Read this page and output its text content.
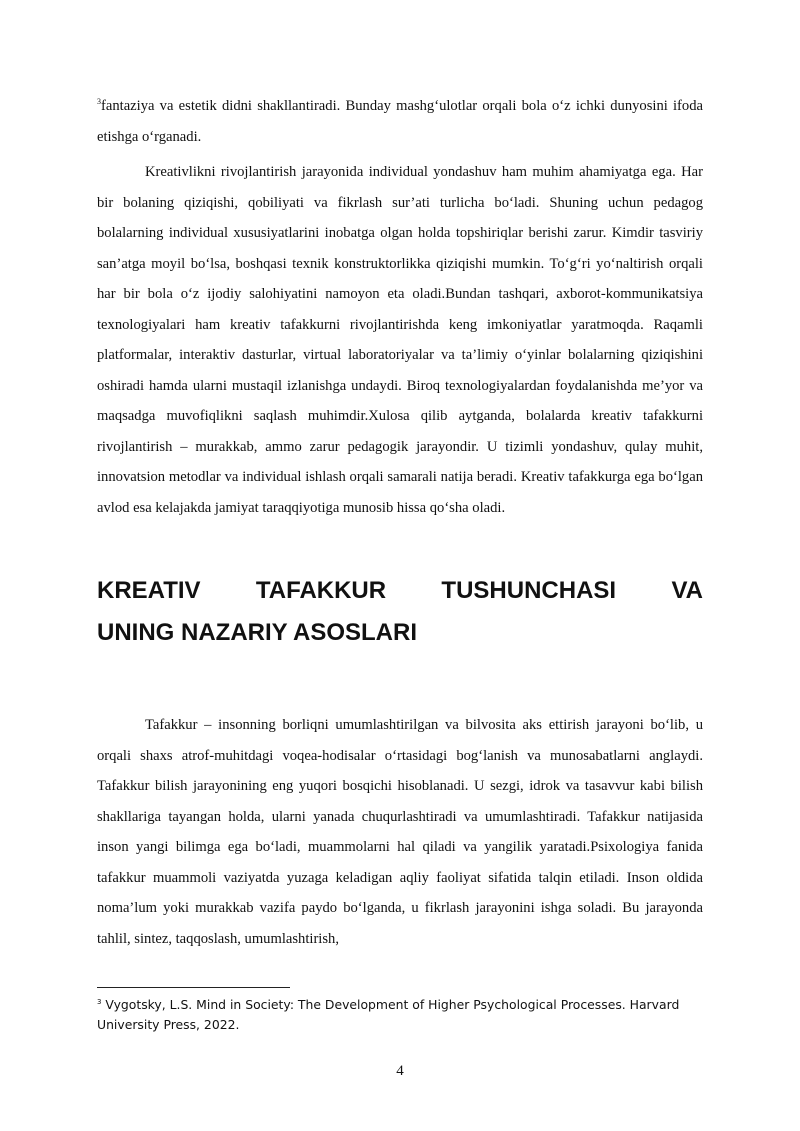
$^3$fantaziya va estetik didni shakllantiradi. Bunday mashg‘ulotlar orqali bola o‘z ichki dunyosini ifoda etishga o‘rganadi.

Kreativlikni rivojlantirish jarayonida individual yondashuv ham muhim ahamiyatga ega. Har bir bolaning qiziqishi, qobiliyati va fikrlash sur’ati turlicha bo‘ladi. Shuning uchun pedagog bolalarning individual xususiyatlarini inobatga olgan holda topshiriqlar berishi zarur. Kimdir tasviriy san’atga moyil bo‘lsa, boshqasi texnik konstruktorlikka qiziqishi mumkin. To‘g‘ri yo‘naltirish orqali har bir bola o‘z ijodiy salohiyatini namoyon eta oladi.Bundan tashqari, axborot-kommunikatsiya texnologiyalari ham kreativ tafakkurni rivojlantirishda keng imkoniyatlar yaratmoqda. Raqamli platformalar, interaktiv dasturlar, virtual laboratoriyalar va ta’limiy o‘yinlar bolalarning qiziqishini oshiradi hamda ularni mustaqil izlanishga undaydi. Biroq texnologiyalardan foydalanishda me’yor va maqsadga muvofiqlikni saqlash muhimdir.Xulosa qilib aytganda, bolalarda kreativ tafakkurni rivojlantirish – murakkab, ammo zarur pedagogik jarayondir. U tizimli yondashuv, qulay muhit, innovatsion metodlar va individual ishlash orqali samarali natija beradi. Kreativ tafakkurga ega bo‘lgan avlod esa kelajakda jamiyat taraqqiyotiga munosib hissa qo‘sha oladi.

KREATIV TAFAKKUR TUSHUNCHASI VA
UNING NAZARIY ASOSLARI

Tafakkur – insonning borliqni umumlashtirilgan va bilvosita aks ettirish jarayoni bo‘lib, u orqali shaxs atrof-muhitdagi voqea-hodisalar o‘rtasidagi bog‘lanish va munosabatlarni anglaydi. Tafakkur bilish jarayonining eng yuqori bosqichi hisoblanadi. U sezgi, idrok va tasavvur kabi bilish shakllariga tayangan holda, ularni yanada chuqurlashtiradi va umumlashtiradi. Tafakkur natijasida inson yangi bilimga ega bo‘ladi, muammolarni hal qiladi va yangilik yaratadi.Psixologiya fanida tafakkur muammoli vaziyatda yuzaga keladigan aqliy faoliyat sifatida talqin etiladi. Inson oldida noma’lum yoki murakkab vazifa paydo bo‘lganda, u fikrlash jarayonini ishga soladi. Bu jarayonda tahlil, sintez, taqqoslash, umumlashtirish,

$^3$ Vygotsky, L.S. Mind in Society: The Development of Higher Psychological Processes. Harvard University Press, 2022.

4
